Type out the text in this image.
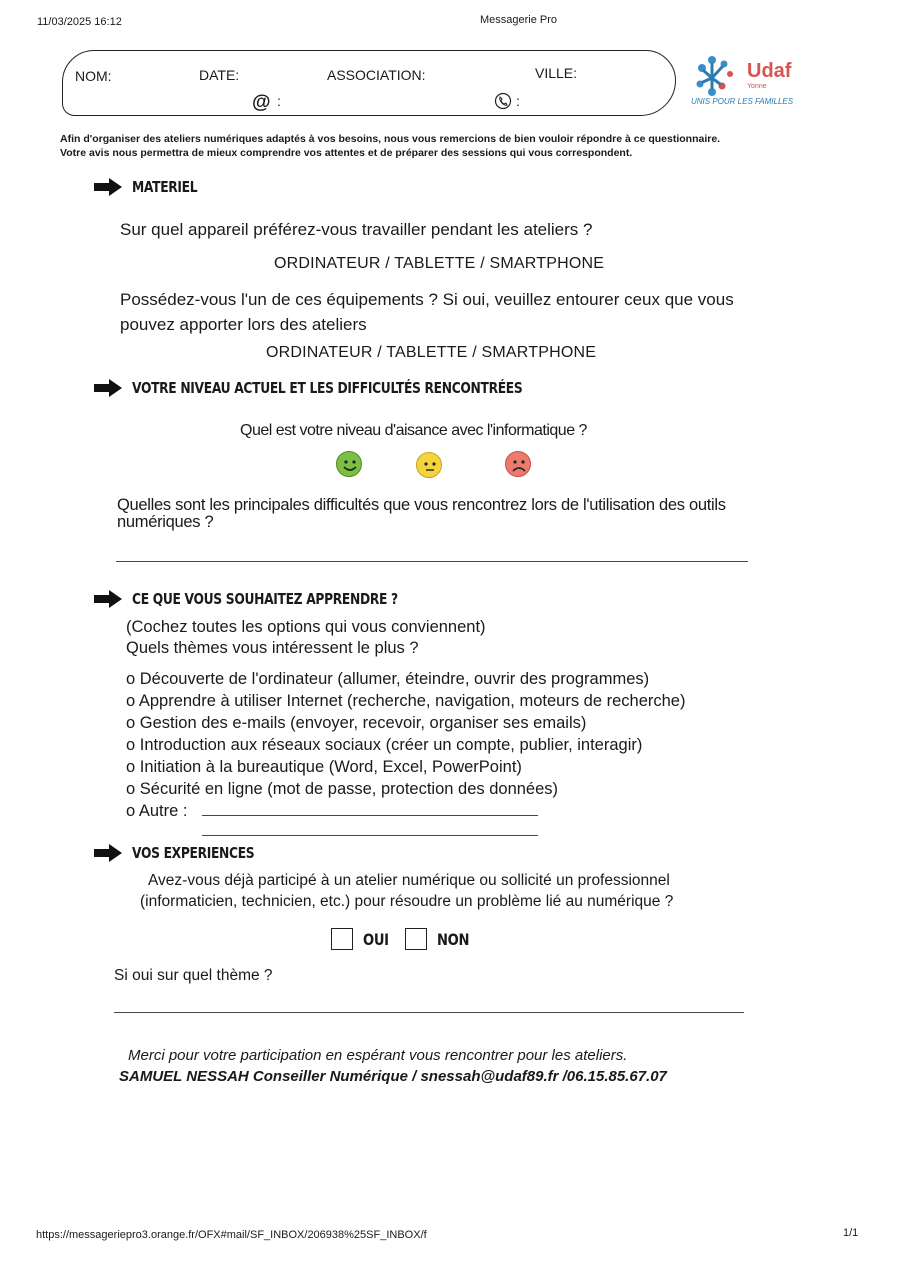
11/03/2025 16:12	Messagerie Pro
NOM:	DATE:	ASSOCIATION:	VILLE:
@ :	:
Udaf
Yonne
UNIS POUR LES FAMILLES
Afin d'organiser des ateliers numériques adaptés à vos besoins, nous vous remercions de bien vouloir répondre à ce questionnaire.
Votre avis nous permettra de mieux comprendre vos attentes et de préparer des sessions qui vous correspondent.
MATERIEL
Sur quel appareil préférez-vous travailler pendant les ateliers ?
ORDINATEUR / TABLETTE / SMARTPHONE
Possédez-vous l'un de ces équipements ? Si oui, veuillez entourer ceux que vous
pouvez apporter lors des ateliers
ORDINATEUR / TABLETTE / SMARTPHONE
VOTRE NIVEAU ACTUEL ET LES DIFFICULTÉS RENCONTRÉES
Quel est votre niveau d'aisance avec l'informatique ?
Quelles sont les principales difficultés que vous rencontrez lors de l'utilisation des outils
numériques ?
CE QUE VOUS SOUHAITEZ APPRENDRE ?
(Cochez toutes les options qui vous conviennent)
Quels thèmes vous intéressent le plus ?
o Découverte de l'ordinateur (allumer, éteindre, ouvrir des programmes)
o Apprendre à utiliser Internet (recherche, navigation, moteurs de recherche)
o Gestion des e-mails (envoyer, recevoir, organiser ses emails)
o Introduction aux réseaux sociaux (créer un compte, publier, interagir)
o Initiation à la bureautique (Word, Excel, PowerPoint)
o Sécurité en ligne (mot de passe, protection des données)
o Autre :
VOS EXPERIENCES
Avez-vous déjà participé à un atelier numérique ou sollicité un professionnel
(informaticien, technicien, etc.) pour résoudre un problème lié au numérique ?
OUI	NON
Si oui sur quel thème ?
Merci pour votre participation en espérant vous rencontrer pour les ateliers.
SAMUEL NESSAH Conseiller Numérique / snessah@udaf89.fr /06.15.85.67.07
https://messageriepro3.orange.fr/OFX#mail/SF_INBOX/206938%25SF_INBOX/f	1/1
